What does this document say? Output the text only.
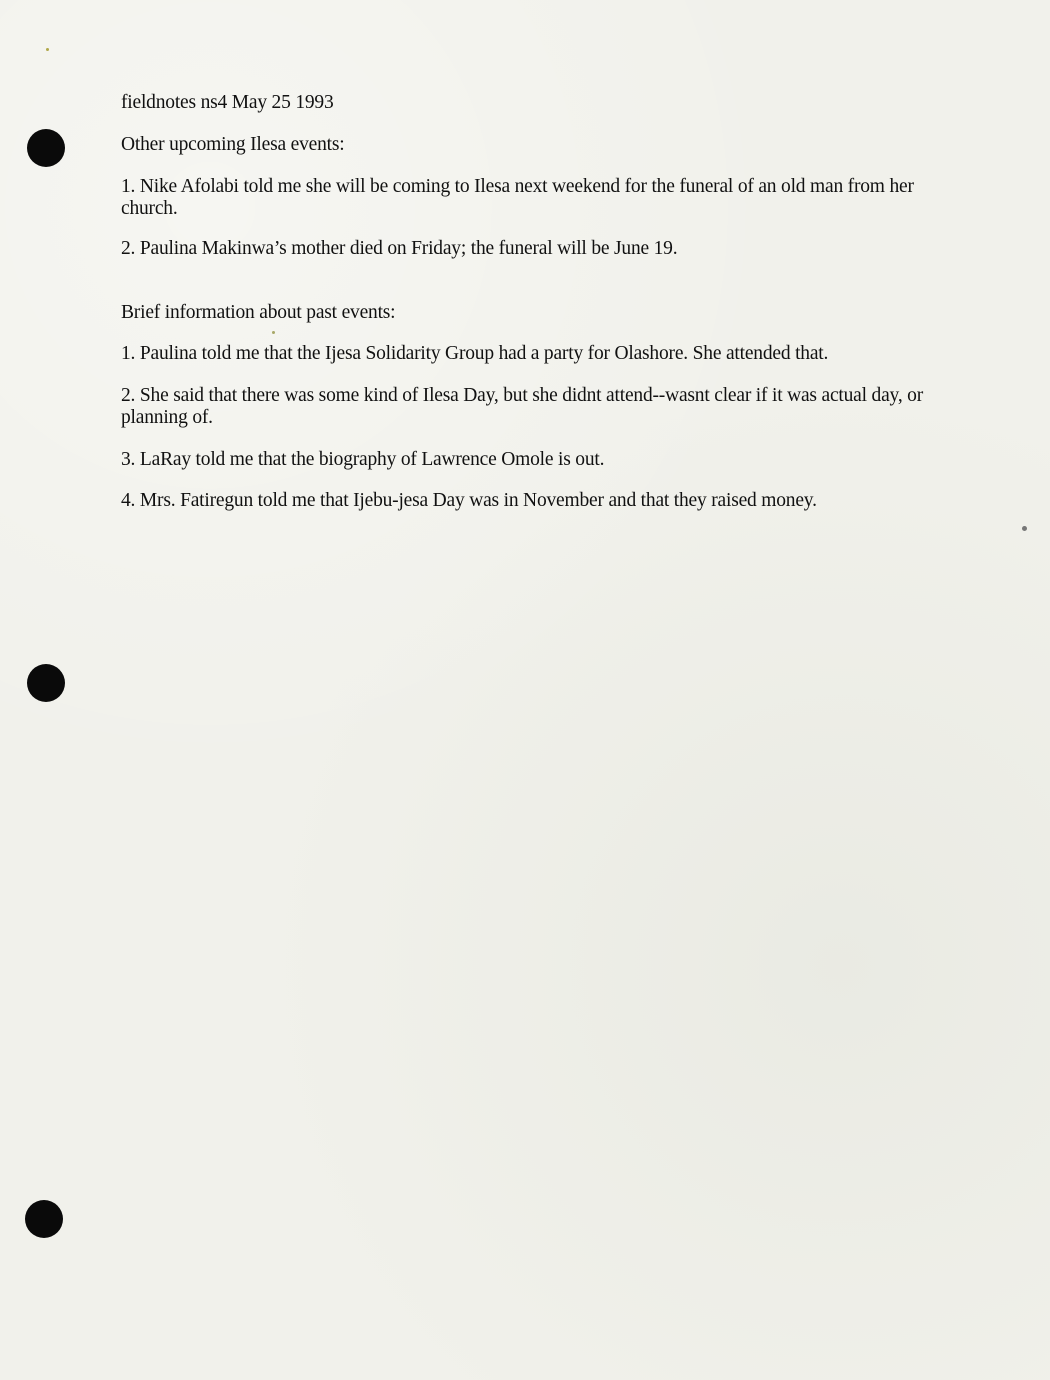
fieldnotes ns4 May 25 1993

Other upcoming Ilesa events:

1. Nike Afolabi told me she will be coming to Ilesa next weekend for the funeral of an old man from her church.

2. Paulina Makinwa’s mother died on Friday; the funeral will be June 19.

Brief information about past events:

1. Paulina told me that the Ijesa Solidarity Group had a party for Olashore. She attended that.

2. She said that there was some kind of Ilesa Day, but she didnt attend--wasnt clear if it was actual day, or planning of.

3. LaRay told me that the biography of Lawrence Omole is out.

4. Mrs. Fatiregun told me that Ijebu-jesa Day was in November and that they raised money.
